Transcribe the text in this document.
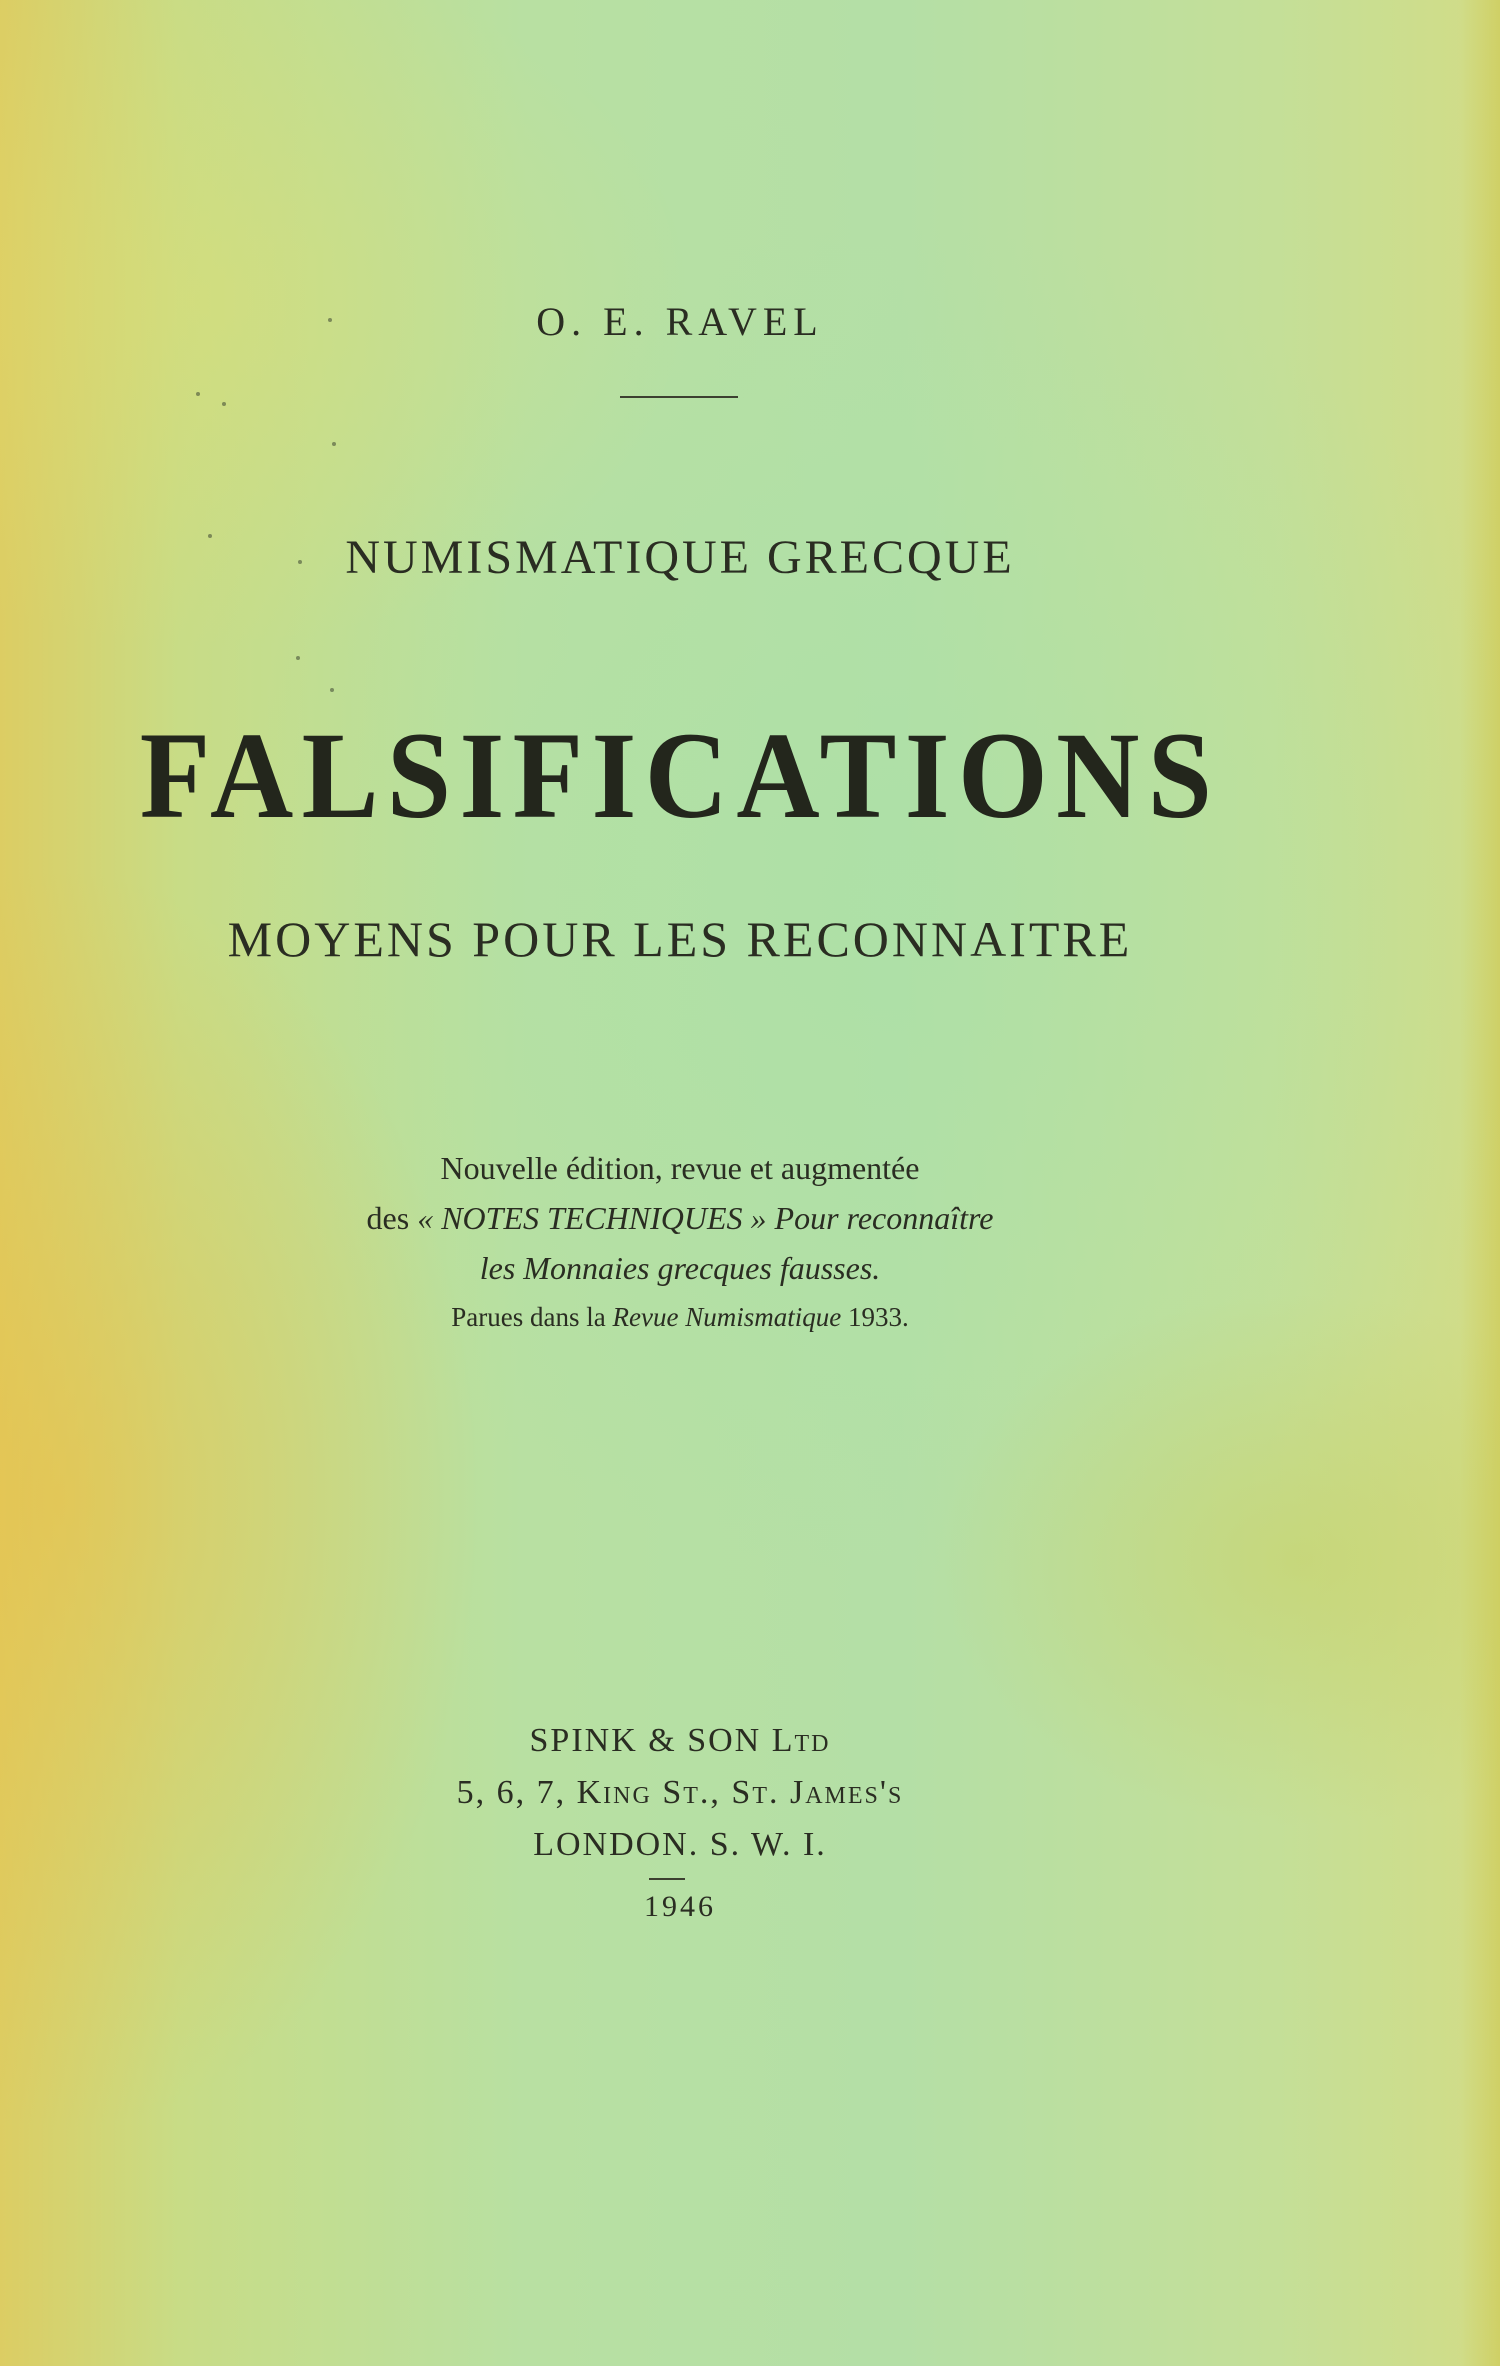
O. E. RAVEL
NUMISMATIQUE GRECQUE
FALSIFICATIONS
MOYENS POUR LES RECONNAITRE
Nouvelle édition, revue et augmentée
des « NOTES TECHNIQUES » Pour reconnaître
les Monnaies grecques fausses.
Parues dans la Revue Numismatique 1933.
SPINK & SON Ltd
5, 6, 7, King St., St. James's
LONDON. S. W. I.
1946
